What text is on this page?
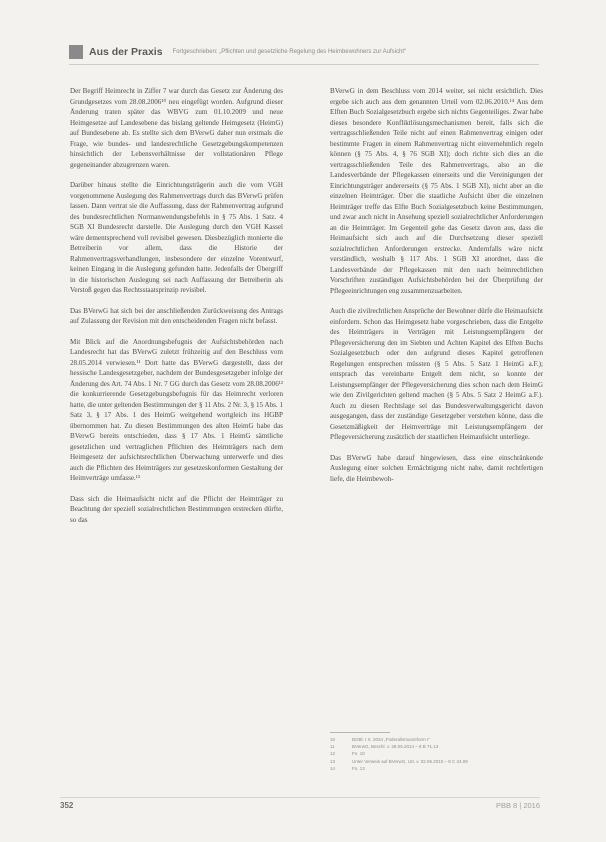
Aus der Praxis Fortgeschrieben: „Pflichten und gesetzliche Regelung des Heimbewohners zur Aufsicht“

Der Begriff Heimrecht in Ziffer 7 war durch das Gesetz zur Änderung des Grundgesetzes vom 28.08.2006¹⁰ neu eingefügt worden. Aufgrund dieser Änderung traten später das WBVG zum 01.10.2009 und neue Heimgesetze auf Landesebene das bislang geltende Heimgesetz (HeimG) auf Bundesebene ab. Es stellte sich dem BVerwG daher nun erstmals die Frage, wie bundes- und landesrechtliche Gesetzgebungskompetenzen hinsichtlich der Lebensverhältnisse der vollstationären Pflege gegeneinander abzugrenzen waren.

Darüber hinaus stellte die Einrichtungsträgerin auch die vom VGH vorgenommene Auslegung des Rahmenvertrags durch das BVerwG prüfen lassen. Dann vertrat sie die Auffassung, dass der Rahmenvertrag aufgrund des bundesrechtlichen Normanwendungsbefehls in § 75 Abs. 1 Satz. 4 SGB XI Bundesrecht darstelle. Die Auslegung durch den VGH Kassel wäre dementsprechend voll revisibel gewesen. Diesbezüglich monierte die Betreiberin vor allem, dass die Historie der Rahmenvertragsverhandlungen, insbesondere der einzelne Vorentwurf, keinen Eingang in die Auslegung gefunden hatte. Jedenfalls der Übergriff in die historischen Auslegung sei nach Auffassung der Betreiberin als Verstoß gegen das Rechtsstaatsprinzip revisibel.

Das BVerwG hat sich bei der anschließenden Zurückweisung des Antrags auf Zulassung der Revision mit den entscheidenden Fragen nicht befasst.

Mit Blick auf die Anordnungsbefugnis der Aufsichtsbehörden nach Landesrecht hat das BVerwG zuletzt frühzeitig auf den Beschluss vom 28.05.2014 verwiesen.¹¹ Dort hatte das BVerwG dargestellt, dass der hessische Landesgesetzgeber, nachdem der Bundesgesetzgeber infolge der Änderung des Art. 74 Abs. 1 Nr. 7 GG durch das Gesetz vom 28.08.2006¹² die konkurrierende Gesetzgebungsbefugnis für das Heimrecht verloren hatte, die unter geltenden Bestimmungen der § 11 Abs. 2 Nr. 3, § 15 Abs. 1 Satz 3, § 17 Abs. 1 des HeimG weitgehend wortgleich ins HGBP übernommen hat. Zu diesen Bestimmungen des alten HeimG habe das BVerwG bereits entschieden, dass § 17 Abs. 1 HeimG sämtliche gesetzlichen und vertraglichen Pflichten des Heimträgers nach dem Heimgesetz der aufsichtsrechtlichen Überwachung unterwerfe und dies auch die Pflichten des Heimträgers zur gesetzeskonformen Gestaltung der Heimverträge umfasse.¹³

Dass sich die Heimaufsicht nicht auf die Pflicht der Heimträger zu Beachtung der speziell sozialrechtlichen Bestimmungen erstrecken dürfte, so das

BVerwG in dem Beschluss vom 2014 weiter, sei nicht ersichtlich. Dies ergebe sich auch aus dem genannten Urteil vom 02.06.2010.¹⁴ Aus dem Elften Buch Sozialgesetzbuch ergebe sich nichts Gegenteiliges. Zwar habe dieses besondere Konfliktlösungsmechanismen bereit, falls sich die vertragsschließenden Teile nicht auf einen Rahmenvertrag einigen oder bestimmte Fragen in einem Rahmenvertrag nicht einvernehmlich regeln können (§ 75 Abs. 4, § 76 SGB XI); doch richte sich dies an die vertragsschließenden Teile des Rahmenvertrags, also an die Landesverbände der Pflegekassen einerseits und die Vereinigungen der Einrichtungsträger andererseits (§ 75 Abs. 1 SGB XI), nicht aber an die einzelnen Heimträger. Über die staatliche Aufsicht über die einzelnen Heimträger treffe das Elfte Buch Sozialgesetzbuch keine Bestimmungen, und zwar auch nicht in Ansehung speziell sozialrechtlicher Anforderungen an die Heimträger. Im Gegenteil gehe das Gesetz davon aus, dass die Heimaufsicht sich auch auf die Durchsetzung dieser speziell sozialrechtlichen Anforderungen erstrecke. Andernfalls wäre nicht verständlich, weshalb § 117 Abs. 1 SGB XI anordnet, dass die Landesverbände der Pflegekassen mit den nach heimrechtlichen Vorschriften zuständigen Aufsichtsbehörden bei der Überprüfung der Pflegeeinrichtungen eng zusammenzuarbeiten.

Auch die zivilrechtlichen Ansprüche der Bewohner dürfe die Heimaufsicht einfordern. Schon das Heimgesetz habe vorgeschrieben, dass die Entgelte des Heimträgers in Verträgen mit Leistungsempfängern der Pflegeversicherung den im Siebten und Achten Kapitel des Elften Buchs Sozialgesetzbuch oder den aufgrund dieses Kapitel getroffenen Regelungen entsprechen müssten (§ 5 Abs. 5 Satz 1 HeimG a.F.); entsprach das vereinbarte Entgelt dem nicht, so konnte der Leistungsempfänger der Pflegeversicherung dies schon nach dem HeimG wie den Zivilgerichten geltend machen (§ 5 Abs. 5 Satz 2 HeimG a.F.). Auch zu diesen Rechtslage sei das Bundesverwaltungsgericht davon ausgegangen, dass der zuständige Gesetzgeber verstehen könne, dass die Gesetzmäßigkeit der Heimverträge mit Leistungsempfängern der Pflegeversicherung zusätzlich der staatlichen Heimaufsicht unterliege.

Das BVerwG habe darauf hingewiesen, dass eine einschränkende Auslegung einer solchen Ermächtigung nicht nahe, damit rechtfertigen liefe, die Heimbewoh-

10	BGBl. I S. 2034 „Föderalismusreform I“
11	BVerwG, Beschl. v. 28.05.2014 – 8 B 71.13
12	Fn. 10
13	Unter Verweis auf BVerwG, Urt. v. 02.06.2010 – 8 C 24.09
14	Fn. 13
352	PBB 8 | 2016
